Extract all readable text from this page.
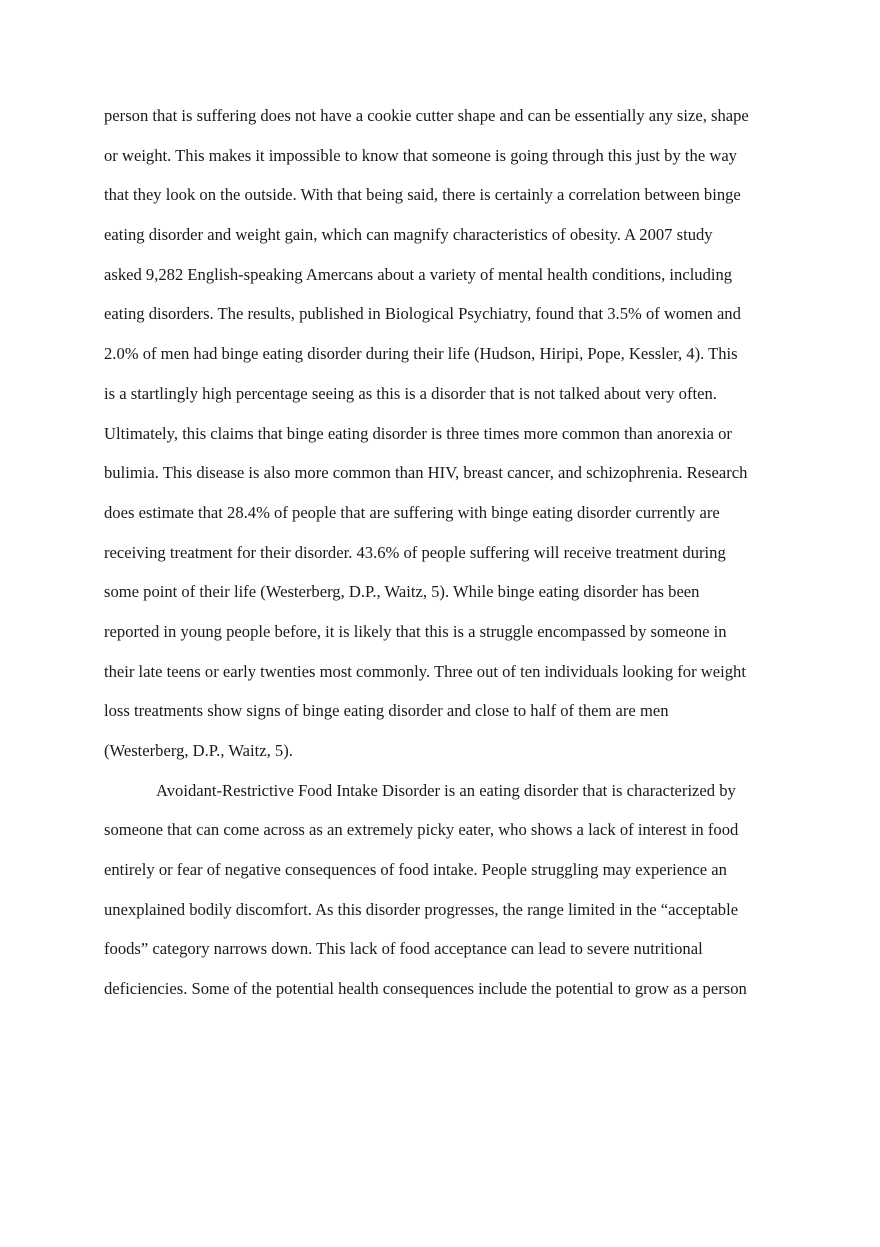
person that is suffering does not have a cookie cutter shape and can be essentially any size, shape
or weight. This makes it impossible to know that someone is going through this just by the way
that they look on the outside. With that being said, there is certainly a correlation between binge
eating disorder and weight gain, which can magnify characteristics of obesity. A 2007 study
asked 9,282 English-speaking Amercans about a variety of mental health conditions, including
eating disorders. The results, published in Biological Psychiatry, found that 3.5% of women and
2.0% of men had binge eating disorder during their life (Hudson, Hiripi, Pope, Kessler, 4). This
is a startlingly high percentage seeing as this is a disorder that is not talked about very often.
Ultimately, this claims that binge eating disorder is three times more common than anorexia or
bulimia. This disease is also more common than HIV, breast cancer, and schizophrenia. Research
does estimate that 28.4% of people that are suffering with binge eating disorder currently are
receiving treatment for their disorder. 43.6% of people suffering will receive treatment during
some point of their life (Westerberg, D.P., Waitz, 5). While binge eating disorder has been
reported in young people before, it is likely that this is a struggle encompassed by someone in
their late teens or early twenties most commonly. Three out of ten individuals looking for weight
loss treatments show signs of binge eating disorder and close to half of them are men
(Westerberg, D.P., Waitz, 5).
Avoidant-Restrictive Food Intake Disorder is an eating disorder that is characterized by
someone that can come across as an extremely picky eater, who shows a lack of interest in food
entirely or fear of negative consequences of food intake. People struggling may experience an
unexplained bodily discomfort. As this disorder progresses, the range limited in the “acceptable
foods” category narrows down. This lack of food acceptance can lead to severe nutritional
deficiencies. Some of the potential health consequences include the potential to grow as a person
